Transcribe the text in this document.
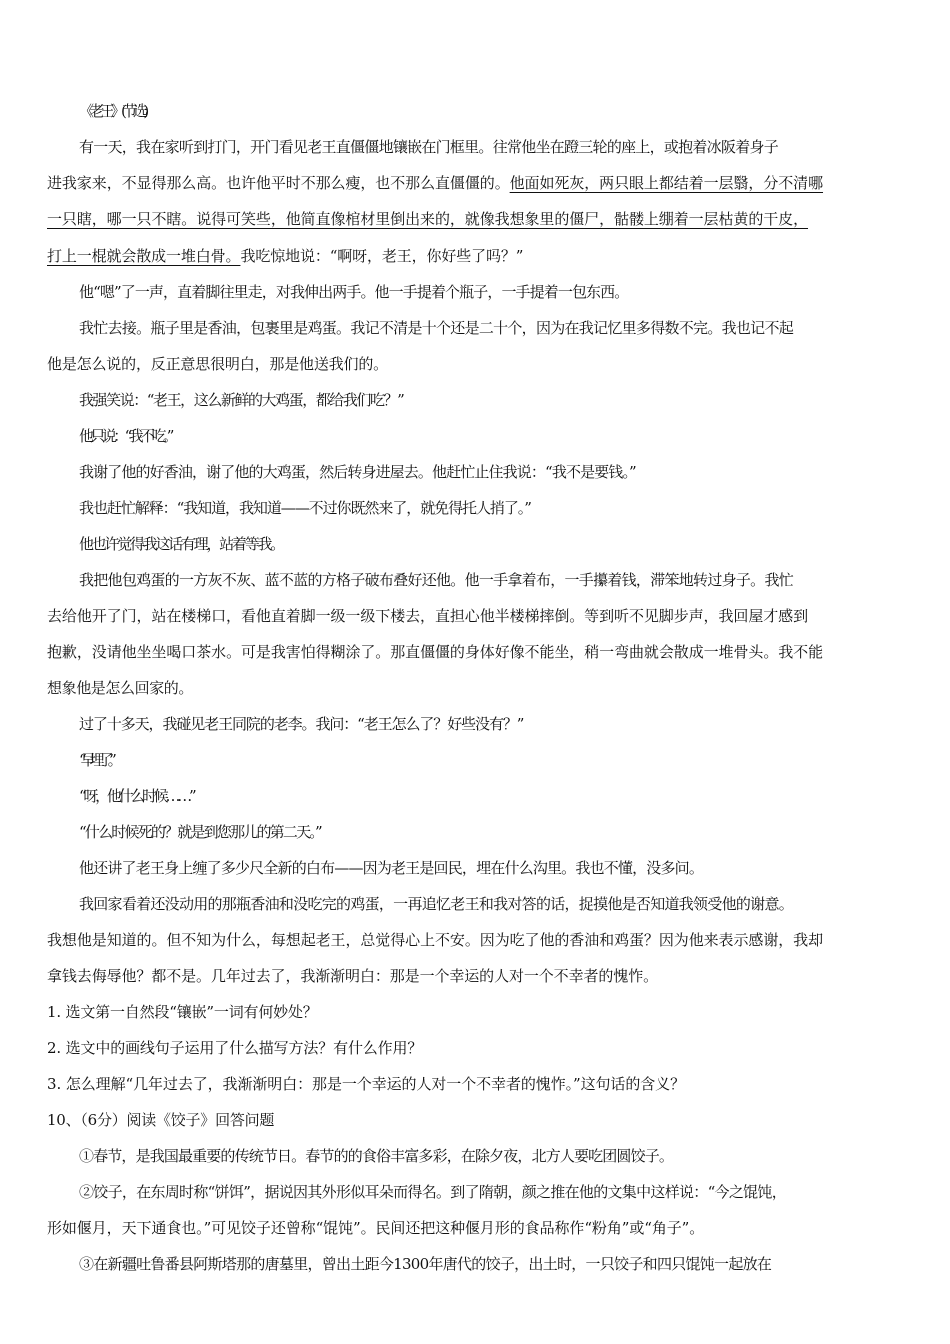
《老王》(节选)
有一天，我在家听到打门，开门看见老王直僵僵地镶嵌在门框里。往常他坐在蹬三轮的座上，或抱着冰阪着身子
进我家来，不显得那么高。也许他平时不那么瘦，也不那么直僵僵的。他面如死灰，两只眼上都结着一层翳，分不清哪
一只瞎，哪一只不瞎。说得可笑些，他简直像棺材里倒出来的，就像我想象里的僵尸，骷髅上绷着一层枯黄的干皮，
打上一棍就会散成一堆白骨。我吃惊地说：“啊呀，老王，你好些了吗？”
他“嗯”了一声，直着脚往里走，对我伸出两手。他一手提着个瓶子，一手提着一包东西。
我忙去接。瓶子里是香油，包裹里是鸡蛋。我记不清是十个还是二十个，因为在我记忆里多得数不完。我也记不起
他是怎么说的，反正意思很明白，那是他送我们的。
我强笑说：“老王，这么新鲜的大鸡蛋，都给我们吃？”
他只说：“我不吃。”
我谢了他的好香油，谢了他的大鸡蛋，然后转身进屋去。他赶忙止住我说：“我不是要钱。”
我也赶忙解释：“我知道，我知道——不过你既然来了，就免得托人捎了。”
他也许觉得我这话有理，站着等我。
我把他包鸡蛋的一方灰不灰、蓝不蓝的方格子破布叠好还他。他一手拿着布，一手攥着钱，滞笨地转过身子。我忙
去给他开了门，站在楼梯口，看他直着脚一级一级下楼去，直担心他半楼梯摔倒。等到听不见脚步声，我回屋才感到
抱歉，没请他坐坐喝口茶水。可是我害怕得糊涂了。那直僵僵的身体好像不能坐，稍一弯曲就会散成一堆骨头。我不能
想象他是怎么回家的。
过了十多天，我碰见老王同院的老李。我问：“老王怎么了？好些没有？”
“早埋了。”
“呀，他什么时候……”
“什么时候死的？就是到您那儿的第二天。”
他还讲了老王身上缠了多少尺全新的白布——因为老王是回民，埋在什么沟里。我也不懂，没多问。
我回家看着还没动用的那瓶香油和没吃完的鸡蛋，一再追忆老王和我对答的话，捉摸他是否知道我领受他的谢意。
我想他是知道的。但不知为什么，每想起老王，总觉得心上不安。因为吃了他的香油和鸡蛋？因为他来表示感谢，我却
拿钱去侮辱他？都不是。几年过去了，我渐渐明白：那是一个幸运的人对一个不幸者的愧怍。
1. 选文第一自然段“镶嵌”一词有何妙处？
2. 选文中的画线句子运用了什么描写方法？有什么作用？
3. 怎么理解“几年过去了，我渐渐明白：那是一个幸运的人对一个不幸者的愧怍。”这句话的含义？
10、（6分）阅读《饺子》回答问题
①春节，是我国最重要的传统节日。春节的的食俗丰富多彩，在除夕夜，北方人要吃团圆饺子。
②饺子，在东周时称“饼饵”，据说因其外形似耳朵而得名。到了隋朝，颜之推在他的文集中这样说：“今之馄饨，
形如偃月，天下通食也。”可见饺子还曾称“馄饨”。民间还把这种偃月形的食品称作“粉角”或“角子”。
③在新疆吐鲁番县阿斯塔那的唐墓里，曾出土距今1300年唐代的饺子，出土时，一只饺子和四只馄饨一起放在
